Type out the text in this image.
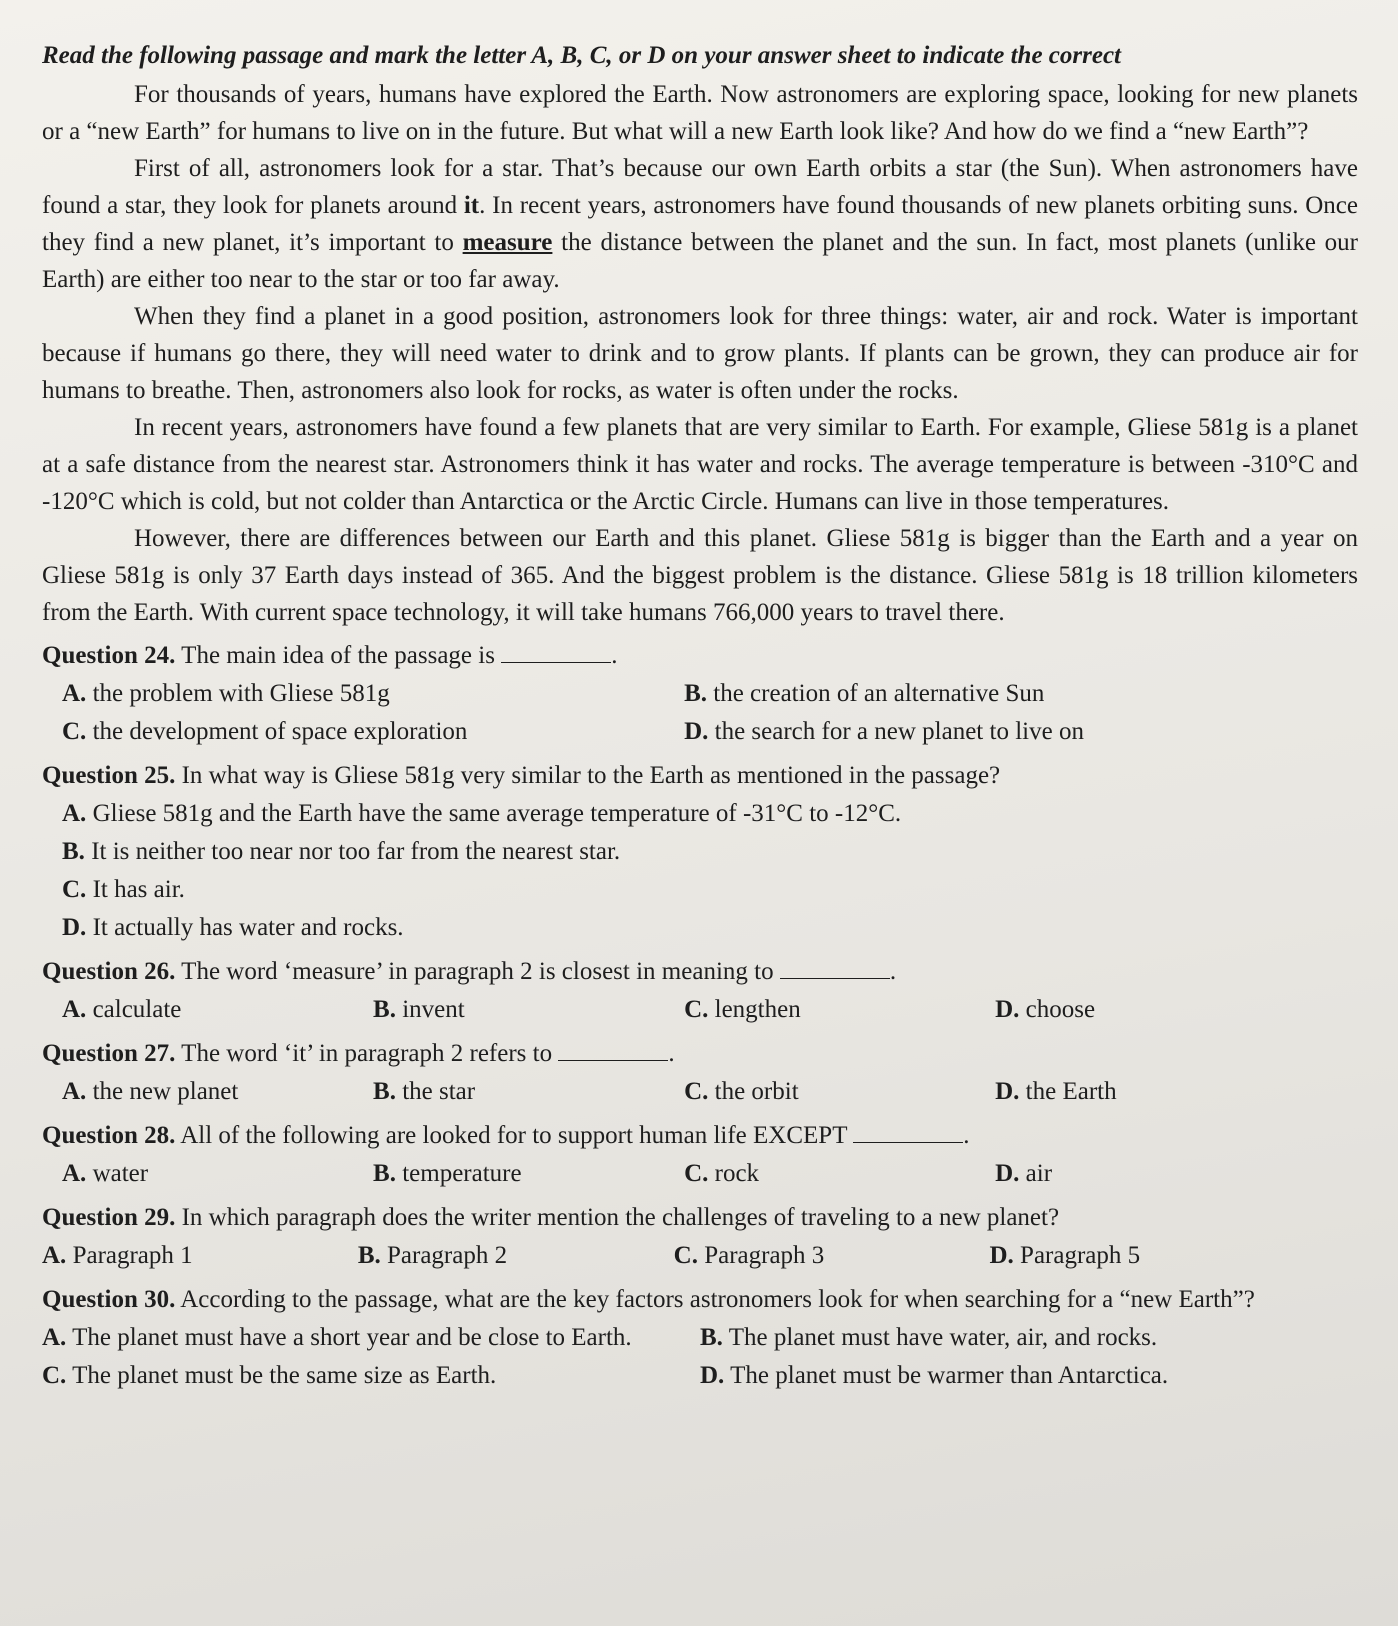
Read the following passage and mark the letter A, B, C, or D on your answer sheet to indicate the correct

For thousands of years, humans have explored the Earth. Now astronomers are exploring space, looking for new planets or a “new Earth” for humans to live on in the future. But what will a new Earth look like? And how do we find a “new Earth”?

First of all, astronomers look for a star. That’s because our own Earth orbits a star (the Sun). When astronomers have found a star, they look for planets around it. In recent years, astronomers have found thousands of new planets orbiting suns. Once they find a new planet, it’s important to measure the distance between the planet and the sun. In fact, most planets (unlike our Earth) are either too near to the star or too far away.

When they find a planet in a good position, astronomers look for three things: water, air and rock. Water is important because if humans go there, they will need water to drink and to grow plants. If plants can be grown, they can produce air for humans to breathe. Then, astronomers also look for rocks, as water is often under the rocks.

In recent years, astronomers have found a few planets that are very similar to Earth. For example, Gliese 581g is a planet at a safe distance from the nearest star. Astronomers think it has water and rocks. The average temperature is between -310°C and -120°C which is cold, but not colder than Antarctica or the Arctic Circle. Humans can live in those temperatures.

However, there are differences between our Earth and this planet. Gliese 581g is bigger than the Earth and a year on Gliese 581g is only 37 Earth days instead of 365. And the biggest problem is the distance. Gliese 581g is 18 trillion kilometers from the Earth. With current space technology, it will take humans 766,000 years to travel there.

Question 24. The main idea of the passage is	.

A. the problem with Gliese 581g	B. the creation of an alternative Sun
C. the development of space exploration	D. the search for a new planet to live on

Question 25. In what way is Gliese 581g very similar to the Earth as mentioned in the passage?

A. Gliese 581g and the Earth have the same average temperature of -31°C to -12°C.
B. It is neither too near nor too far from the nearest star.
C. It has air.
D. It actually has water and rocks.

Question 26. The word ‘measure’ in paragraph 2 is closest in meaning to	.

A. calculate	B. invent	C. lengthen	D. choose

Question 27. The word ‘it’ in paragraph 2 refers to	.

A. the new planet	B. the star	C. the orbit	D. the Earth

Question 28. All of the following are looked for to support human life EXCEPT	.

A. water	B. temperature	C. rock	D. air

Question 29. In which paragraph does the writer mention the challenges of traveling to a new planet?

A. Paragraph 1	B. Paragraph 2	C. Paragraph 3	D. Paragraph 5

Question 30. According to the passage, what are the key factors astronomers look for when searching for a “new Earth”?

A. The planet must have a short year and be close to Earth.	B. The planet must have water, air, and rocks.
C. The planet must be the same size as Earth.	D. The planet must be warmer than Antarctica.
